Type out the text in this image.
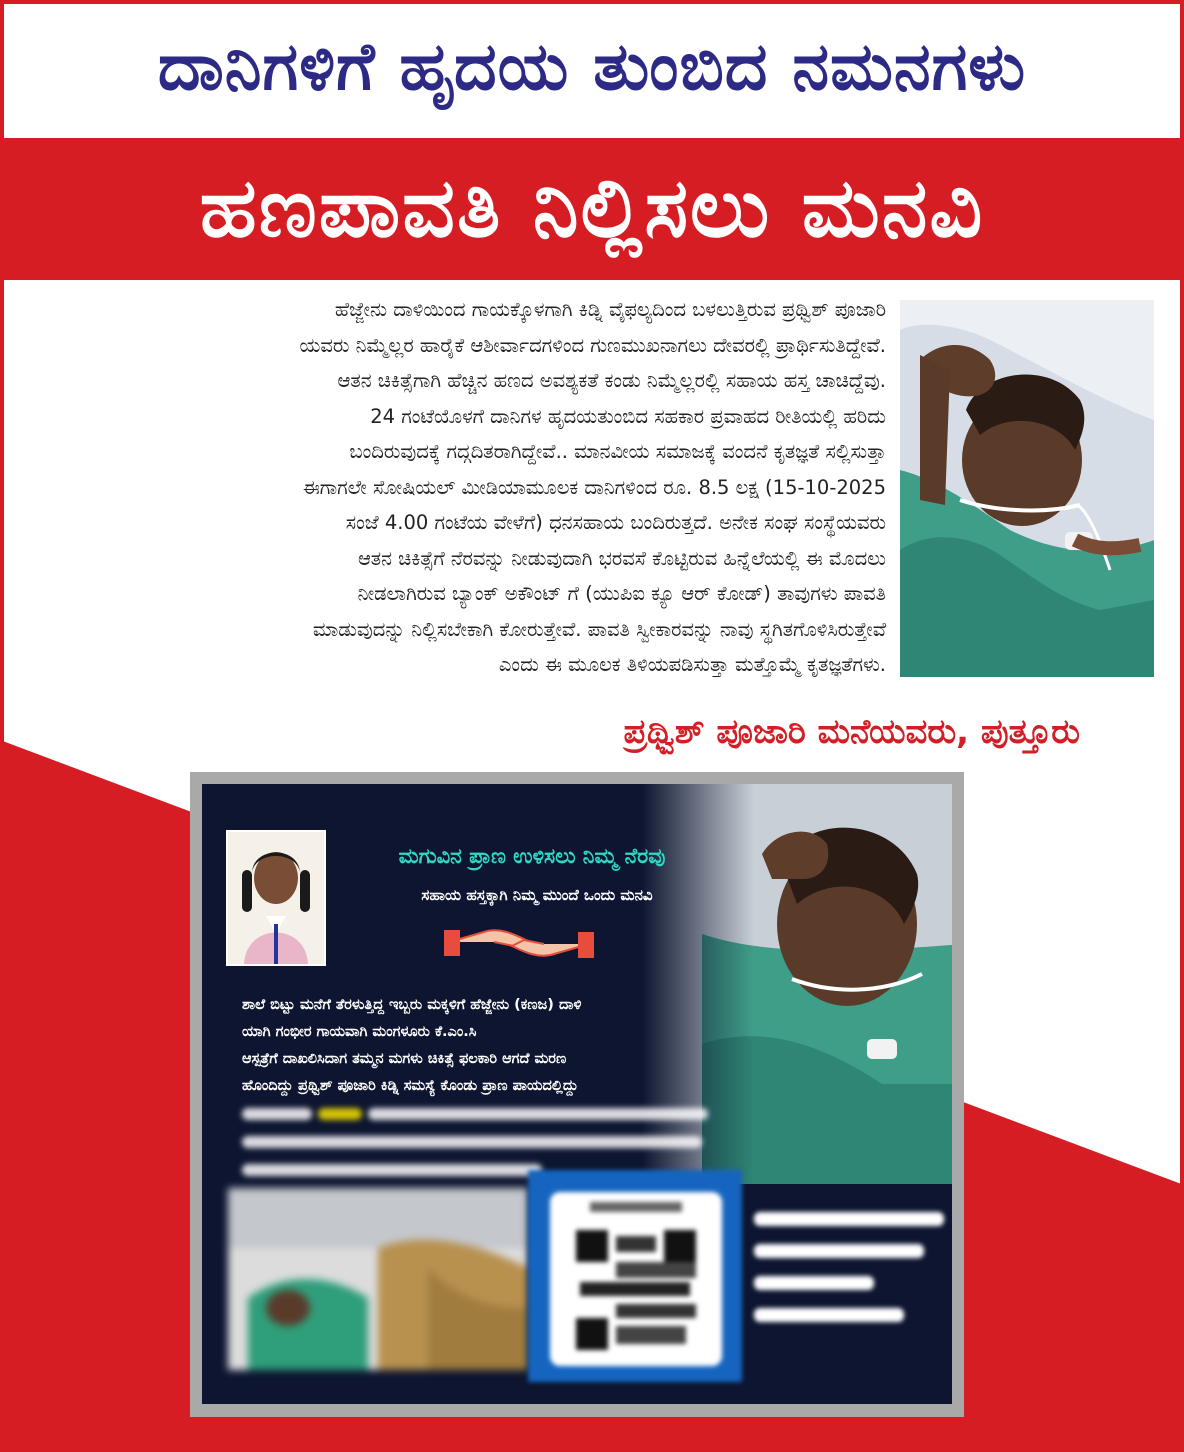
ದಾನಿಗಳಿಗೆ ಹೃದಯ ತುಂಬಿದ ನಮನಗಳು
ಹಣಪಾವತಿ ನಿಲ್ಲಿಸಲು ಮನವಿ

ಹೆಜ್ಜೇನು ದಾಳಿಯಿಂದ ಗಾಯಕ್ಕೊಳಗಾಗಿ ಕಿಡ್ನಿ ವೈಫಲ್ಯದಿಂದ ಬಳಲುತ್ತಿರುವ ಪ್ರಥ್ವಿಶ್ ಪೂಜಾರಿ

ಯವರು ನಿಮ್ಮೆಲ್ಲರ ಹಾರೈಕೆ ಆಶೀರ್ವಾದಗಳಿಂದ ಗುಣಮುಖನಾಗಲು ದೇವರಲ್ಲಿ ಪ್ರಾರ್ಥಿಸುತಿದ್ದೇವೆ.

ಆತನ ಚಿಕಿತ್ಸೆಗಾಗಿ ಹೆಚ್ಚಿನ ಹಣದ ಅವಶ್ಯಕತೆ ಕಂಡು ನಿಮ್ಮೆಲ್ಲರಲ್ಲಿ ಸಹಾಯ ಹಸ್ತ ಚಾಚಿದ್ದೆವು.

24 ಗಂಟೆಯೊಳಗೆ ದಾನಿಗಳ ಹೃದಯತುಂಬಿದ ಸಹಕಾರ ಪ್ರವಾಹದ ರೀತಿಯಲ್ಲಿ ಹರಿದು

ಬಂದಿರುವುದಕ್ಕೆ ಗದ್ಗದಿತರಾಗಿದ್ದೇವೆ.. ಮಾನವೀಯ ಸಮಾಜಕ್ಕೆ ವಂದನೆ ಕೃತಜ್ಞತೆ ಸಲ್ಲಿಸುತ್ತಾ

ಈಗಾಗಲೇ ಸೋಷಿಯಲ್ ಮೀಡಿಯಾಮೂಲಕ ದಾನಿಗಳಿಂದ ರೂ. 8.5 ಲಕ್ಷ (15-10-2025

ಸಂಜೆ 4.00 ಗಂಟೆಯ ವೇಳೆಗೆ) ಧನಸಹಾಯ ಬಂದಿರುತ್ತದೆ. ಅನೇಕ ಸಂಘ ಸಂಸ್ಥೆಯವರು

ಆತನ ಚಿಕಿತ್ಸೆಗೆ ನೆರವನ್ನು ನೀಡುವುದಾಗಿ ಭರವಸೆ ಕೊಟ್ಟಿರುವ ಹಿನ್ನೆಲೆಯಲ್ಲಿ ಈ ಮೊದಲು

ನೀಡಲಾಗಿರುವ ಬ್ಯಾಂಕ್ ಅಕೌಂಟ್ ಗೆ (ಯುಪಿಐ ಕ್ಯೂ ಆರ್ ಕೋಡ್) ತಾವುಗಳು ಪಾವತಿ

ಮಾಡುವುದನ್ನು ನಿಲ್ಲಿಸಬೇಕಾಗಿ ಕೋರುತ್ತೇವೆ. ಪಾವತಿ ಸ್ವೀಕಾರವನ್ನು ನಾವು ಸ್ಥಗಿತಗೊಳಿಸಿರುತ್ತೇವೆ

ಎಂದು ಈ ಮೂಲಕ ತಿಳಿಯಪಡಿಸುತ್ತಾ ಮತ್ತೊಮ್ಮೆ ಕೃತಜ್ಞತೆಗಳು.

ಪ್ರಥ್ವಿಶ್ ಪೂಜಾರಿ ಮನೆಯವರು, ಪುತ್ತೂರು
ಮಗುವಿನ ಪ್ರಾಣ ಉಳಿಸಲು ನಿಮ್ಮ ನೆರವು
ಸಹಾಯ ಹಸ್ತಕ್ಕಾಗಿ ನಿಮ್ಮ ಮುಂದೆ ಒಂದು ಮನವಿ
ಶಾಲೆ ಬಿಟ್ಟು ಮನೆಗೆ ತೆರಳುತ್ತಿದ್ದ ಇಬ್ಬರು ಮಕ್ಕಳಿಗೆ ಹೆಜ್ಜೇನು (ಕಣಜ) ದಾಳಿ
ಯಾಗಿ ಗಂಭೀರ ಗಾಯವಾಗಿ ಮಂಗಳೂರು ಕೆ.ಎಂ.ಸಿ
ಆಸ್ಪತ್ರೆಗೆ ದಾಖಲಿಸಿದಾಗ ತಮ್ಮನ ಮಗಳು ಚಿಕಿತ್ಸೆ ಫಲಕಾರಿ ಆಗದೆ ಮರಣ
ಹೊಂದಿದ್ದು ಪ್ರಥ್ವಿಶ್ ಪೂಜಾರಿ ಕಿಡ್ನಿ ಸಮಸ್ಯೆ ಕೊಂಡು ಪ್ರಾಣ ಪಾಯದಲ್ಲಿದ್ದು
